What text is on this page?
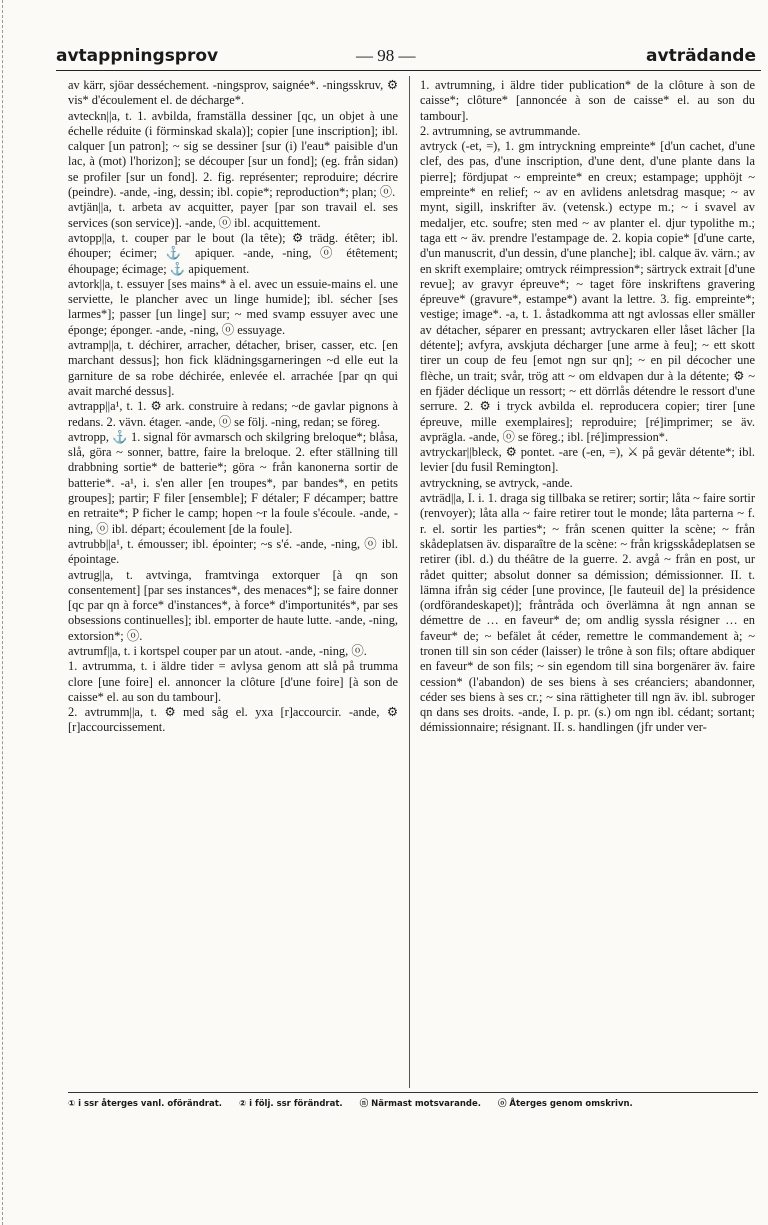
avtappningsprov	— 98 —	avträdande

av kärr, sjöar desséchement. -ningsprov, saignée*. -ningsskruv, ⚙ vis* d'écoulement el. de décharge*.

avteckn||a, t. 1. avbilda, framställa dessiner [qc, un objet à une échelle réduite (i förminskad skala)]; copier [une inscription]; ibl. calquer [un patron]; ~ sig se dessiner [sur (i) l'eau* paisible d'un lac, à (mot) l'horizon]; se découper [sur un fond]; (eg. från sidan) se profiler [sur un fond]. 2. fig. représenter; reproduire; décrire (peindre). -ande, -ing, dessin; ibl. copie*; reproduction*; plan; ⓞ.

avtjän||a, t. arbeta av acquitter, payer [par son travail el. ses services (son service)]. -ande, ⓞ ibl. acquittement.

avtopp||a, t. couper par le bout (la tête); ⚙ trädg. étêter; ibl. éhouper; écimer; ⚓ apiquer. -ande, -ning, ⓞ étêtement; éhoupage; écimage; ⚓ apiquement.

avtork||a, t. essuyer [ses mains* à el. avec un essuie-mains el. une serviette, le plancher avec un linge humide]; ibl. sécher [ses larmes*]; passer [un linge] sur; ~ med svamp essuyer avec une éponge; éponger. -ande, -ning, ⓞ essuyage.

avtramp||a, t. déchirer, arracher, détacher, briser, casser, etc. [en marchant dessus]; hon fick klädningsgarneringen ~d elle eut la garniture de sa robe déchirée, enlevée el. arrachée [par qn qui avait marché dessus].

avtrapp||a¹, t. 1. ⚙ ark. construire à redans; ~de gavlar pignons à redans. 2. vävn. étager. -ande, ⓞ se följ. -ning, redan; se föreg.

avtropp, ⚓ 1. signal för avmarsch och skilgring breloque*; blåsa, slå, göra ~ sonner, battre, faire la breloque. 2. efter ställning till drabbning sortie* de batterie*; göra ~ från kanonerna sortir de batterie*. -a¹, i. s'en aller [en troupes*, par bandes*, en petits groupes]; partir; F filer [ensemble]; F détaler; F décamper; battre en retraite*; P ficher le camp; hopen ~r la foule s'écoule. -ande, -ning, ⓞ ibl. départ; écoulement [de la foule].

avtrubb||a¹, t. émousser; ibl. épointer; ~s s'é. -ande, -ning, ⓞ ibl. épointage.

avtrug||a, t. avtvinga, framtvinga extorquer [à qn son consentement] [par ses instances*, des menaces*]; se faire donner [qc par qn à force* d'instances*, à force* d'importunités*, par ses obsessions continuelles]; ibl. emporter de haute lutte. -ande, -ning, extorsion*; ⓞ.

avtrumf||a, t. i kortspel couper par un atout. -ande, -ning, ⓞ.

1. avtrumma, t. i äldre tider = avlysa genom att slå på trumma clore [une foire] el. annoncer la clôture [d'une foire] [à son de caisse* el. au son du tambour].

2. avtrumm||a, t. ⚙ med såg el. yxa [r]accourcir. -ande, ⚙ [r]accourcissement.

1. avtrumning, i äldre tider publication* de la clôture à son de caisse*; clôture* [annoncée à son de caisse* el. au son du tambour].

2. avtrumning, se avtrummande.

avtryck (-et, =), 1. gm intryckning empreinte* [d'un cachet, d'une clef, des pas, d'une inscription, d'une dent, d'une plante dans la pierre]; fördjupat ~ empreinte* en creux; estampage; upphöjt ~ empreinte* en relief; ~ av en avlidens anletsdrag masque; ~ av mynt, sigill, inskrifter äv. (vetensk.) ectype m.; ~ i svavel av medaljer, etc. soufre; sten med ~ av planter el. djur typolithe m.; taga ett ~ äv. prendre l'estampage de. 2. kopia copie* [d'une carte, d'un manuscrit, d'un dessin, d'une planche]; ibl. calque äv. värn.; av en skrift exemplaire; omtryck réimpression*; särtryck extrait [d'une revue]; av gravyr épreuve*; ~ taget före inskriftens gravering épreuve* (gravure*, estampe*) avant la lettre. 3. fig. empreinte*; vestige; image*. -a, t. 1. åstadkomma att ngt avlossas eller smäller av détacher, séparer en pressant; avtryckaren eller låset lâcher [la détente]; avfyra, avskjuta décharger [une arme à feu]; ~ ett skott tirer un coup de feu [emot ngn sur qn]; ~ en pil décocher une flèche, un trait; svår, trög att ~ om eldvapen dur à la détente; ⚙ ~ en fjäder déclique un ressort; ~ ett dörrlås détendre le ressort d'une serrure. 2. ⚙ i tryck avbilda el. reproducera copier; tirer [une épreuve, mille exemplaires]; reproduire; [ré]imprimer; se äv. avprägla. -ande, ⓞ se föreg.; ibl. [ré]impression*.

avtryckar||bleck, ⚙ pontet. -are (-en, =), ⚔ på gevär détente*; ibl. levier [du fusil Remington].

avtryckning, se avtryck, -ande.

avträd||a, I. i. 1. draga sig tillbaka se retirer; sortir; låta ~ faire sortir (renvoyer); låta alla ~ faire retirer tout le monde; låta parterna ~ f. r. el. sortir les parties*; ~ från scenen quitter la scène; ~ från skådeplatsen äv. disparaître de la scène: ~ från krigsskådeplatsen se retirer (ibl. d.) du théâtre de la guerre. 2. avgå ~ från en post, ur rådet quitter; absolut donner sa démission; démissionner. II. t. lämna ifrån sig céder [une province, [le fauteuil de] la présidence (ordförandeskapet)]; fråntråda och överlämna åt ngn annan se démettre de … en faveur* de; om andlig syssla résigner … en faveur* de; ~ befälet åt céder, remettre le commandement à; ~ tronen till sin son céder (laisser) le trône à son fils; oftare abdiquer en faveur* de son fils; ~ sin egendom till sina borgenärer äv. faire cession* (l'abandon) de ses biens à ses créanciers; abandonner, céder ses biens à ses cr.; ~ sina rättigheter till ngn äv. ibl. subroger qn dans ses droits. -ande, I. p. pr. (s.) om ngn ibl. cédant; sortant; démissionnaire; résignant. II. s. handlingen (jfr under ver-

① i ssr återges vanl. oförändrat. ② i följ. ssr förändrat. ⓝ Närmast motsvarande. ⓞ Återges genom omskrivn.
